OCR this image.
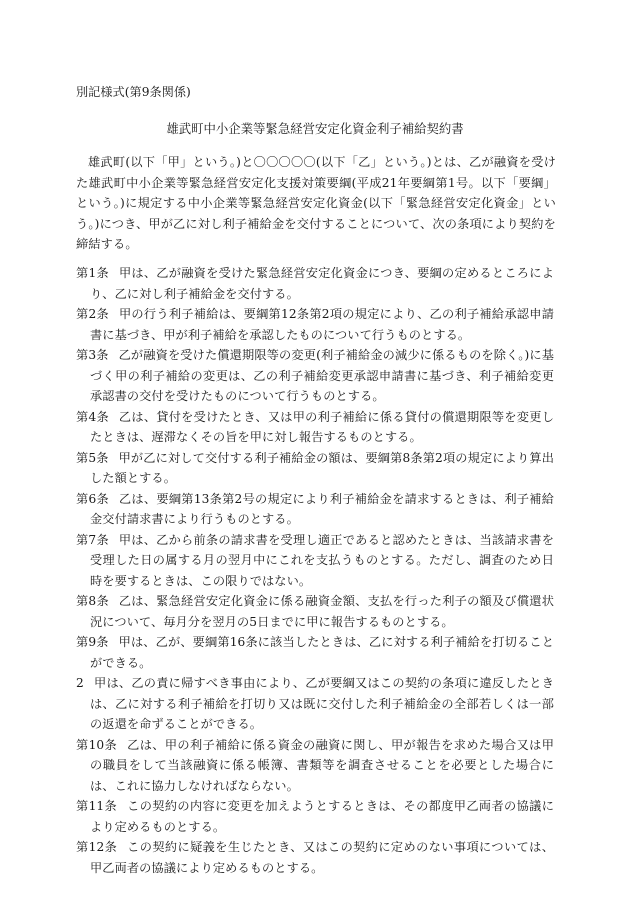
別記様式(第9条関係)
雄武町中小企業等緊急経営安定化資金利子補給契約書
雄武町(以下「甲」という。)と〇〇〇〇〇(以下「乙」という。)とは、乙が融資を受けた雄武町中小企業等緊急経営安定化支援対策要綱(平成21年要綱第1号。以下「要綱」という。)に規定する中小企業等緊急経営安定化資金(以下「緊急経営安定化資金」という。)につき、甲が乙に対し利子補給金を交付することについて、次の条項により契約を締結する。
第1条 甲は、乙が融資を受けた緊急経営安定化資金につき、要綱の定めるところにより、乙に対し利子補給金を交付する。
第2条 甲の行う利子補給は、要綱第12条第2項の規定により、乙の利子補給承認申請書に基づき、甲が利子補給を承認したものについて行うものとする。
第3条 乙が融資を受けた償還期限等の変更(利子補給金の減少に係るものを除く。)に基づく甲の利子補給の変更は、乙の利子補給変更承認申請書に基づき、利子補給変更承認書の交付を受けたものについて行うものとする。
第4条 乙は、貸付を受けたとき、又は甲の利子補給に係る貸付の償還期限等を変更したときは、遅滞なくその旨を甲に対し報告するものとする。
第5条 甲が乙に対して交付する利子補給金の額は、要綱第8条第2項の規定により算出した額とする。
第6条 乙は、要綱第13条第2号の規定により利子補給金を請求するときは、利子補給金交付請求書により行うものとする。
第7条 甲は、乙から前条の請求書を受理し適正であると認めたときは、当該請求書を受理した日の属する月の翌月中にこれを支払うものとする。ただし、調査のため日時を要するときは、この限りではない。
第8条 乙は、緊急経営安定化資金に係る融資金額、支払を行った利子の額及び償還状況について、毎月分を翌月の5日までに甲に報告するものとする。
第9条 甲は、乙が、要綱第16条に該当したときは、乙に対する利子補給を打切ることができる。
2 甲は、乙の責に帰すべき事由により、乙が要綱又はこの契約の条項に違反したときは、乙に対する利子補給を打切り又は既に交付した利子補給金の全部若しくは一部の返還を命ずることができる。
第10条 乙は、甲の利子補給に係る資金の融資に関し、甲が報告を求めた場合又は甲の職員をして当該融資に係る帳簿、書類等を調査させることを必要とした場合には、これに協力しなければならない。
第11条 この契約の内容に変更を加えようとするときは、その都度甲乙両者の協議により定めるものとする。
第12条 この契約に疑義を生じたとき、又はこの契約に定めのない事項については、甲乙両者の協議により定めるものとする。
